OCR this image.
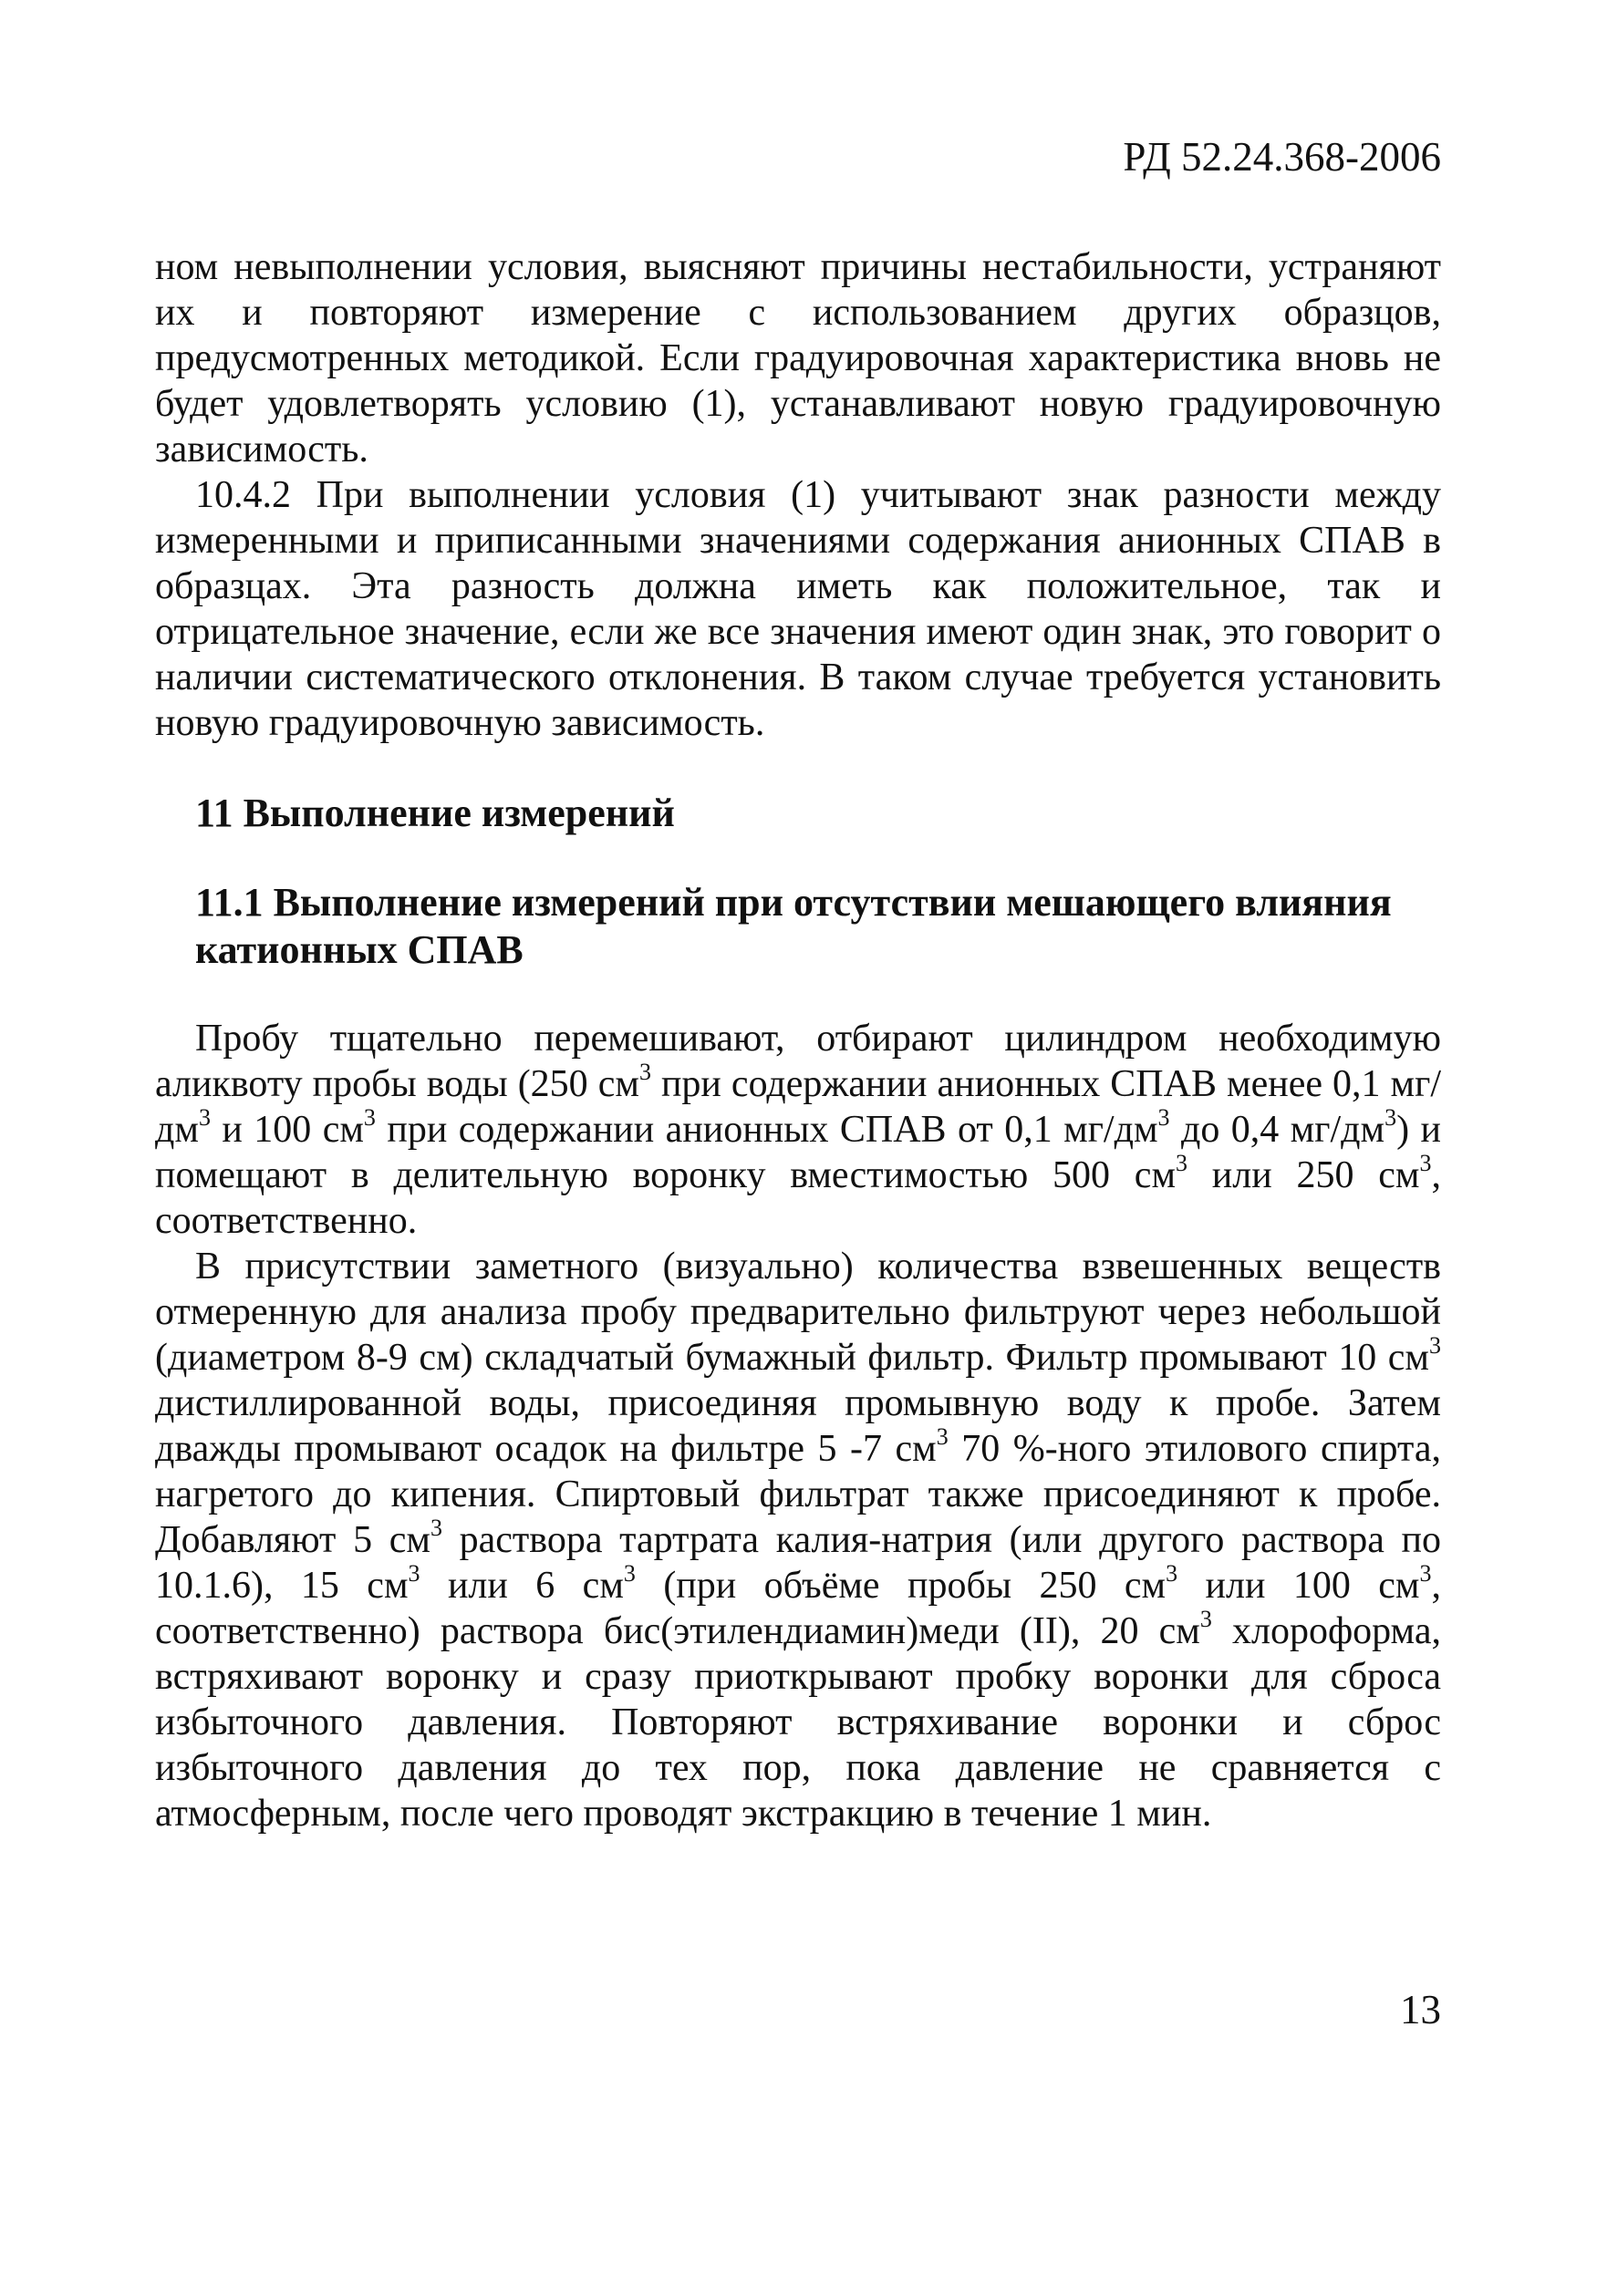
РД 52.24.368-2006

ном невыполнении условия, выясняют причины нестабильности, устраняют их и повторяют измерение с использованием других образцов, предусмотренных методикой. Если градуировочная характеристика вновь не будет удовлетворять условию (1), устанавливают новую градуировочную зависимость.

10.4.2 При выполнении условия (1) учитывают знак разности между измеренными и приписанными значениями содержания анионных СПАВ в образцах. Эта разность должна иметь как положительное, так и отрицательное значение, если же все значения имеют один знак, это говорит о наличии систематического отклонения. В таком случае требуется установить новую градуировочную зависимость.

11 Выполнение измерений
11.1 Выполнение измерений при отсутствии мешающего влияния катионных СПАВ

Пробу тщательно перемешивают, отбирают цилиндром необходимую аликвоту пробы воды (250 $см^3$ при содержании анионных СПАВ менее 0,1 $мг/дм^3$ и 100 $см^3$ при содержании анионных СПАВ от 0,1 $мг/дм^3$ до 0,4 $мг/дм^3$) и помещают в делительную воронку вместимостью 500 $см^3$ или 250 $см^3$, соответственно.

В присутствии заметного (визуально) количества взвешенных веществ отмеренную для анализа пробу предварительно фильтруют через небольшой (диаметром 8-9 см) складчатый бумажный фильтр. Фильтр промывают 10 $см^3$ дистиллированной воды, присоединяя промывную воду к пробе. Затем дважды промывают осадок на фильтре 5 -7 $см^3$ 70 %-ного этилового спирта, нагретого до кипения. Спиртовый фильтрат также присоединяют к пробе. Добавляют 5 $см^3$ раствора тартрата калия-натрия (или другого раствора по 10.1.6), 15 $см^3$ или 6 $см^3$ (при объёме пробы 250 $см^3$ или 100 $см^3$, соответственно) раствора бис(этилендиамин)меди (II), 20 $см^3$ хлороформа, встряхивают воронку и сразу приоткрывают пробку воронки для сброса избыточного давления. Повторяют встряхивание воронки и сброс избыточного давления до тех пор, пока давление не сравняется с атмосферным, после чего проводят экстракцию в течение 1 мин.

13
